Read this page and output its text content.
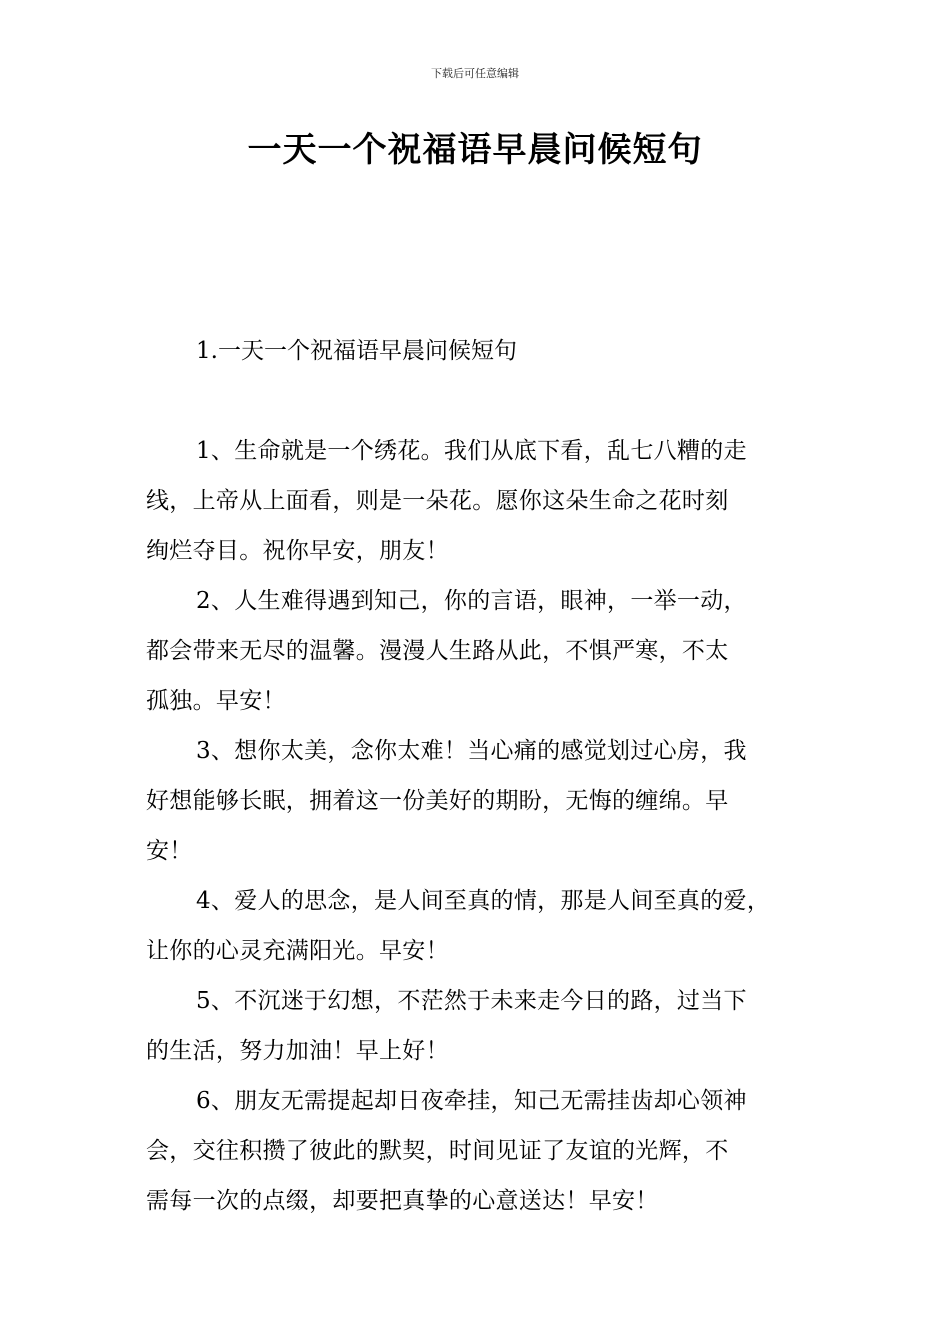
下载后可任意编辑
一天一个祝福语早晨问候短句
1.一天一个祝福语早晨问候短句

1、生命就是一个绣花。我们从底下看，乱七八糟的走
线，上帝从上面看，则是一朵花。愿你这朵生命之花时刻
绚烂夺目。祝你早安，朋友！

2、人生难得遇到知己，你的言语，眼神，一举一动，
都会带来无尽的温馨。漫漫人生路从此，不惧严寒，不太
孤独。早安！

3、想你太美，念你太难！当心痛的感觉划过心房，我
好想能够长眠，拥着这一份美好的期盼，无悔的缠绵。早
安！

4、爱人的思念，是人间至真的情，那是人间至真的爱，
让你的心灵充满阳光。早安！

5、不沉迷于幻想，不茫然于未来走今日的路，过当下
的生活，努力加油！早上好！

6、朋友无需提起却日夜牵挂，知己无需挂齿却心领神
会，交往积攒了彼此的默契，时间见证了友谊的光辉，不
需每一次的点缀，却要把真挚的心意送达！早安！
